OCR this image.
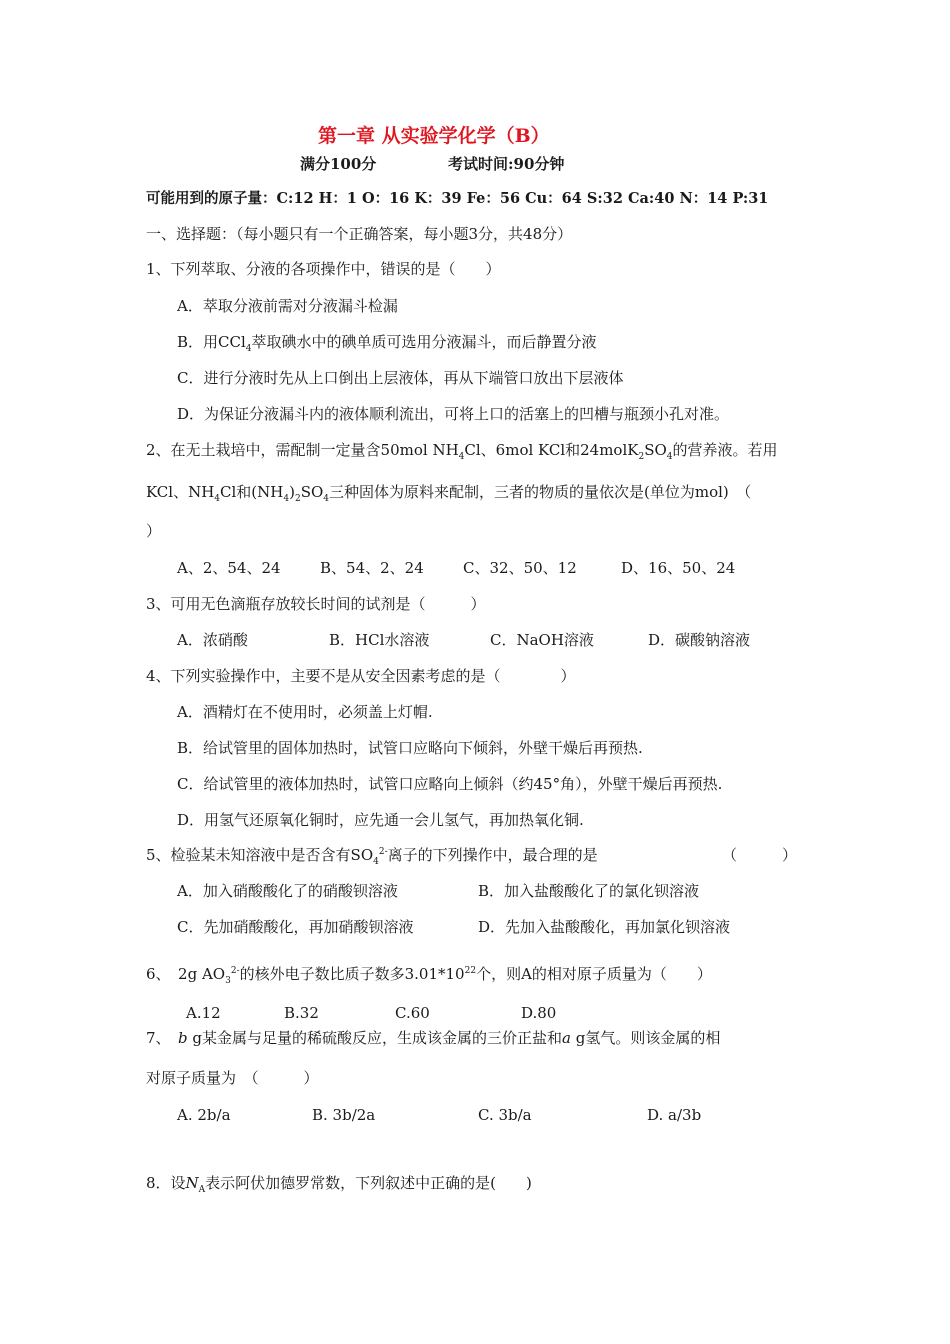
第一章 从实验学化学（B）
满分100分	考试时间:90分钟
可能用到的原子量：C:12 H：1 O：16 K：39 Fe：56 Cu：64 S:32 Ca:40 N：14 P:31
一、选择题：（每小题只有一个正确答案，每小题3分，共48分）
1、下列萃取、分液的各项操作中，错误的是（　　）
A．萃取分液前需对分液漏斗检漏
B．用CCl$_4$萃取碘水中的碘单质可选用分液漏斗，而后静置分液
C．进行分液时先从上口倒出上层液体，再从下端管口放出下层液体
D．为保证分液漏斗内的液体顺利流出，可将上口的活塞上的凹槽与瓶颈小孔对准。
2、在无土栽培中，需配制一定量含50mol $NH_4Cl$、6mol KCl和$24molK_2SO_4$的营养液。若用
KCl、$NH_4Cl$和$(NH_4)_2SO_4$三种固体为原料来配制，三者的物质的量依次是(单位为mol)　（
）
A、2、54、24	B、54、2、24	C、32、50、12	D、16、50、24
3、可用无色滴瓶存放较长时间的试剂是（　　　）
A．浓硝酸	B．HCl水溶液	C．NaOH溶液	D．碳酸钠溶液
4、下列实验操作中，主要不是从安全因素考虑的是（　　　　）
A．酒精灯在不使用时，必须盖上灯帽.
B．给试管里的固体加热时，试管口应略向下倾斜，外壁干燥后再预热.
C．给试管里的液体加热时，试管口应略向上倾斜（约45°角），外壁干燥后再预热.
D．用氢气还原氧化铜时，应先通一会儿氢气，再加热氧化铜.
5、检验某未知溶液中是否含有$SO_4^{2-}$离子的下列操作中，最合理的是	（　　　）
A．加入硝酸酸化了的硝酸钡溶液	B．加入盐酸酸化了的氯化钡溶液
C．先加硝酸酸化，再加硝酸钡溶液	D．先加入盐酸酸化，再加氯化钡溶液
6、　2g $AO_3^{2-}$的核外电子数比质子数多$3.01*10^{22}$个，则A的相对原子质量为（　　）
A.12	B.32	C.60	D.80
7、　b g某金属与足量的稀硫酸反应，生成该金属的三价正盐和a g氢气。则该金属的相
对原子质量为　（　　　）
A. 2b/a	B. 3b/2a	C. 3b/a	D. a/3b
8．设$N_A$表示阿伏加德罗常数，下列叙述中正确的是(　　)
